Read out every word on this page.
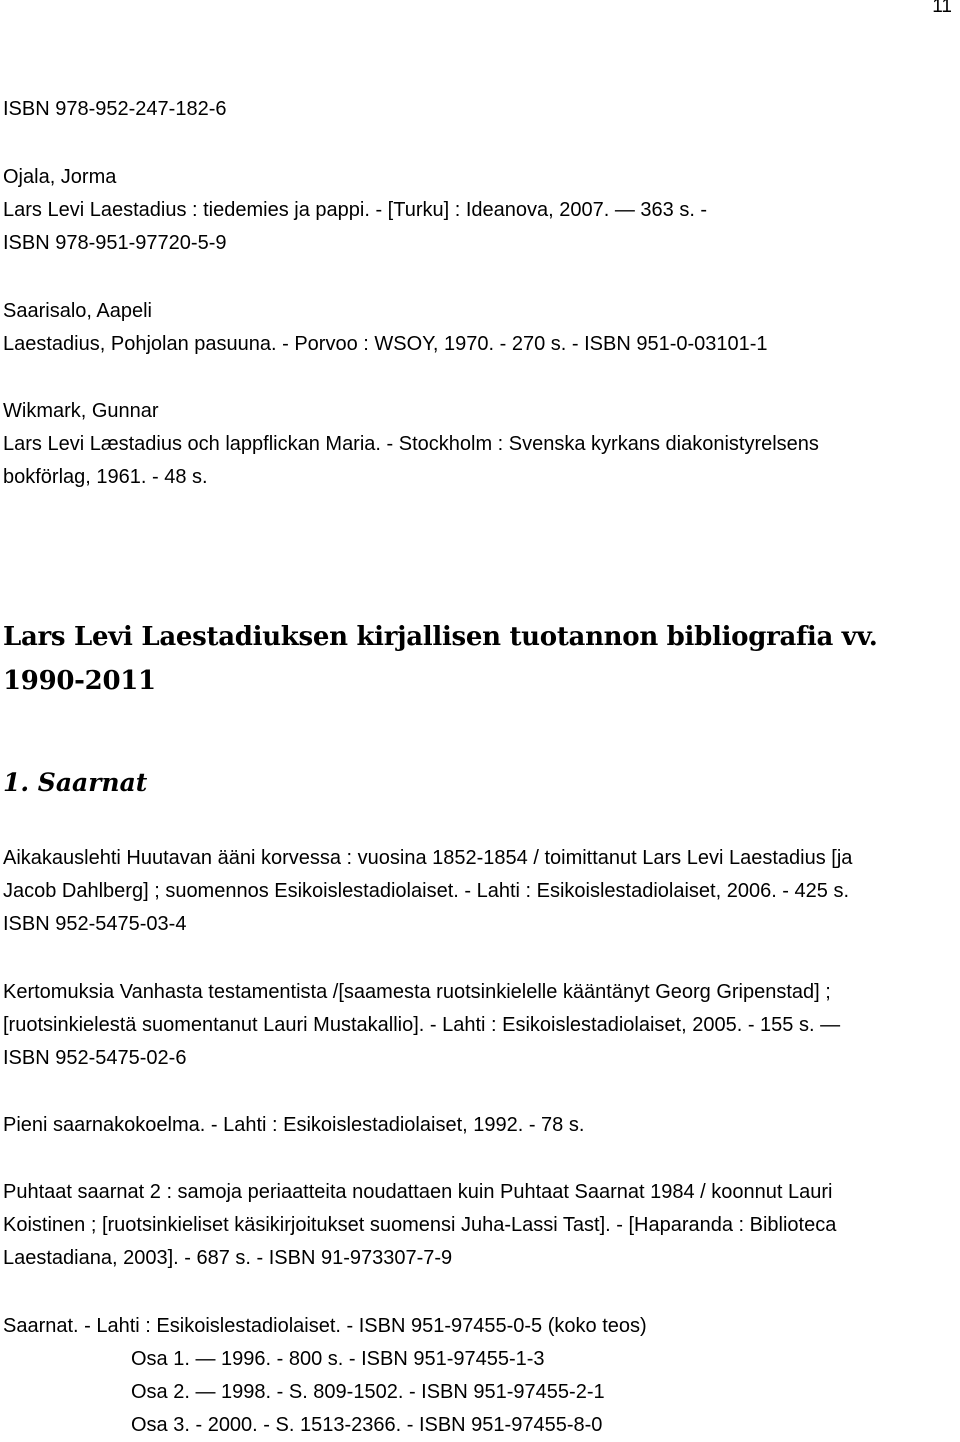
11
ISBN 978-952-247-182-6
Ojala, Jorma
Lars Levi Laestadius : tiedemies ja pappi. - [Turku] : Ideanova, 2007. — 363 s. -
ISBN 978-951-97720-5-9
Saarisalo, Aapeli
Laestadius, Pohjolan pasuuna. - Porvoo : WSOY, 1970. - 270 s. - ISBN 951-0-03101-1
Wikmark, Gunnar
Lars Levi Læstadius och lappflickan Maria. - Stockholm : Svenska kyrkans diakonistyrelsens
bokförlag, 1961. - 48 s.
Lars Levi Laestadiuksen kirjallisen tuotannon bibliografia vv.
1990-2011
1. Saarnat
Aikakauslehti Huutavan ääni korvessa : vuosina 1852-1854 / toimittanut Lars Levi Laestadius [ja
Jacob Dahlberg] ; suomennos Esikoislestadiolaiset. - Lahti : Esikoislestadiolaiset, 2006. - 425 s.
ISBN 952-5475-03-4
Kertomuksia Vanhasta testamentista /[saamesta ruotsinkielelle kääntänyt Georg Gripenstad] ;
[ruotsinkielestä suomentanut Lauri Mustakallio]. - Lahti : Esikoislestadiolaiset, 2005. - 155 s. —
ISBN 952-5475-02-6
Pieni saarnakokoelma. - Lahti : Esikoislestadiolaiset, 1992. - 78 s.
Puhtaat saarnat 2 : samoja periaatteita noudattaen kuin Puhtaat Saarnat 1984 / koonnut Lauri
Koistinen ; [ruotsinkieliset käsikirjoitukset suomensi Juha-Lassi Tast]. - [Haparanda : Biblioteca
Laestadiana, 2003]. - 687 s. - ISBN 91-973307-7-9
Saarnat. - Lahti : Esikoislestadiolaiset. - ISBN 951-97455-0-5 (koko teos)
Osa 1. — 1996. - 800 s. - ISBN 951-97455-1-3
Osa 2. — 1998. - S. 809-1502. - ISBN 951-97455-2-1
Osa 3. - 2000. - S. 1513-2366. - ISBN 951-97455-8-0
